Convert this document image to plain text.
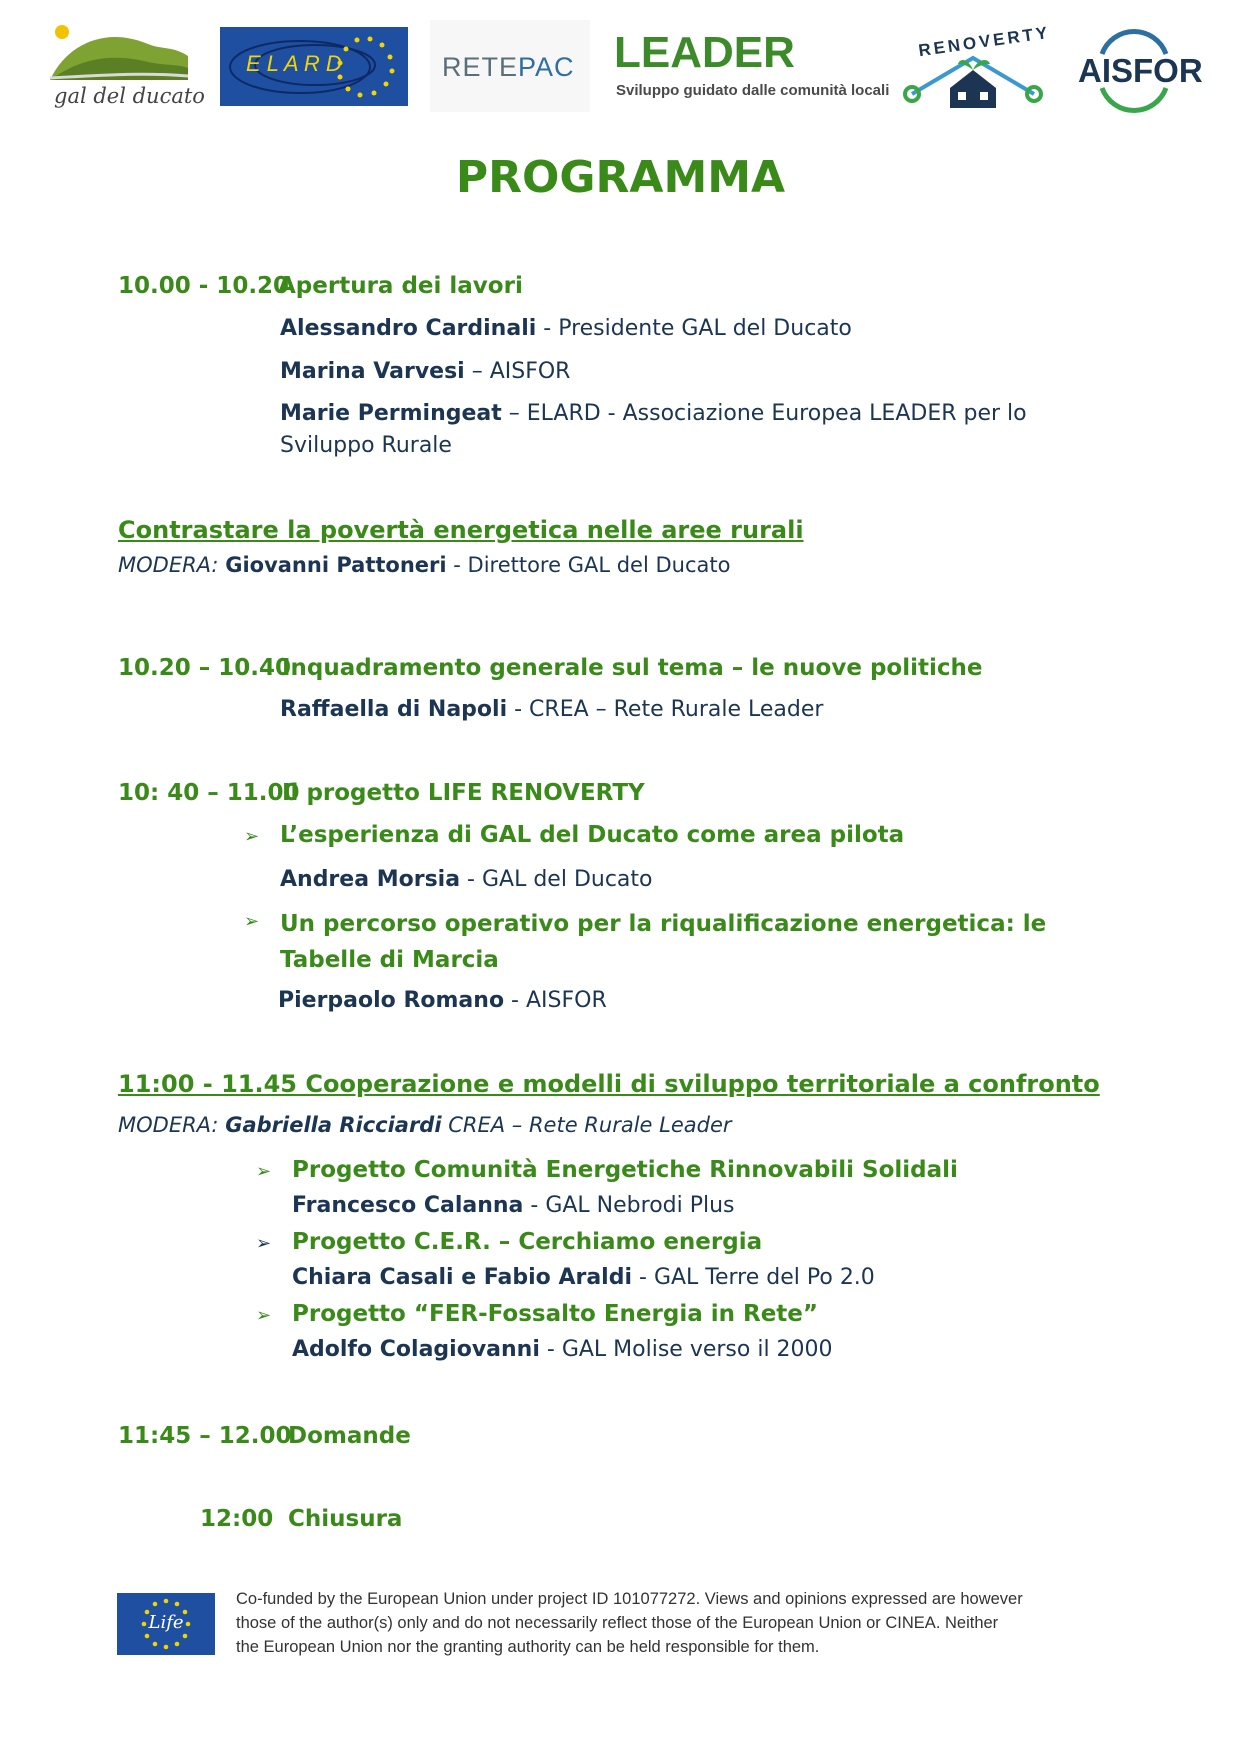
gal del ducato
E L A R D	RETEPAC LEADER
Sviluppo guidato dalle comunità locali
RENOVERTY
AISFOR
PROGRAMMA
10.00 - 10.20
Apertura dei lavori
Alessandro Cardinali - Presidente GAL del Ducato
Marina Varvesi – AISFOR
Marie Permingeat – ELARD - Associazione Europea LEADER per lo Sviluppo Rurale
Contrastare la povertà energetica nelle aree rurali
MODERA: Giovanni Pattoneri - Direttore GAL del Ducato
10.20 – 10.40
Inquadramento generale sul tema – le nuove politiche
Raffaella di Napoli - CREA – Rete Rurale Leader
10: 40 – 11.00
Il progetto LIFE RENOVERTY
➢ L’esperienza di GAL del Ducato come area pilota
Andrea Morsia - GAL del Ducato
➢ Un percorso operativo per la riqualificazione energetica: le Tabelle di Marcia
Pierpaolo Romano - AISFOR
11:00 - 11.45 Cooperazione e modelli di sviluppo territoriale a confronto
MODERA: Gabriella Ricciardi CREA – Rete Rurale Leader
➢ Progetto Comunità Energetiche Rinnovabili Solidali
Francesco Calanna - GAL Nebrodi Plus
➢ Progetto C.E.R. – Cerchiamo energia
Chiara Casali e Fabio Araldi - GAL Terre del Po 2.0
➢ Progetto “FER-Fossalto Energia in Rete”
Adolfo Colagiovanni - GAL Molise verso il 2000
11:45 – 12.00
Domande
12:00 Chiusura
Life
Co-funded by the European Union under project ID 101077272. Views and opinions expressed are however
those of the author(s) only and do not necessarily reflect those of the European Union or CINEA. Neither
the European Union nor the granting authority can be held responsible for them.
